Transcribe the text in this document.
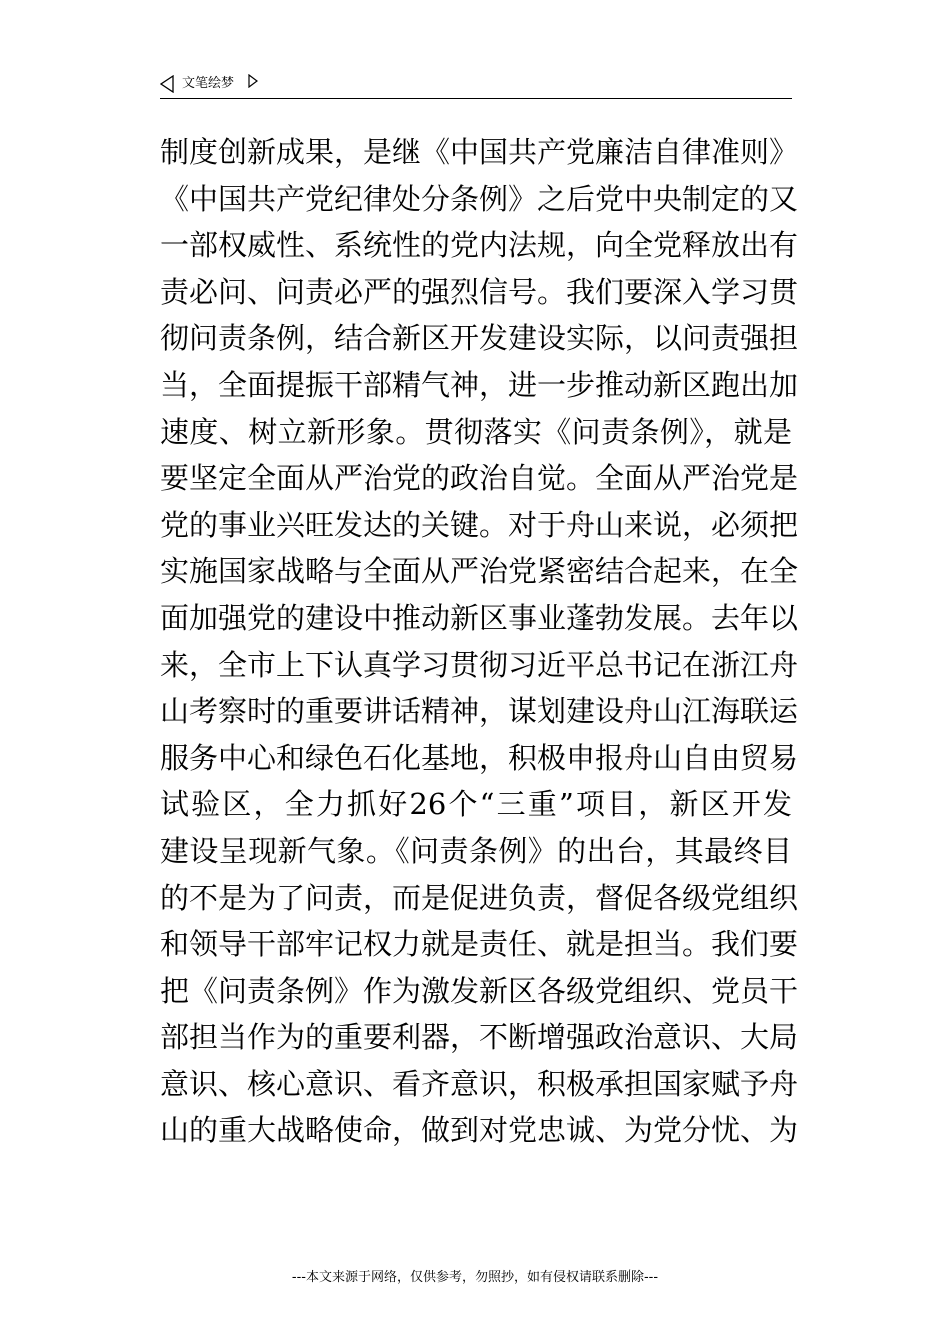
文笔绘梦
制度创新成果，是继《中国共产党廉洁自律准则》
《中国共产党纪律处分条例》之后党中央制定的又
一部权威性、系统性的党内法规，向全党释放出有
责必问、问责必严的强烈信号。我们要深入学习贯
彻问责条例，结合新区开发建设实际，以问责强担
当，全面提振干部精气神，进一步推动新区跑出加
速度、树立新形象。贯彻落实《问责条例》，就是
要坚定全面从严治党的政治自觉。全面从严治党是
党的事业兴旺发达的关键。对于舟山来说，必须把
实施国家战略与全面从严治党紧密结合起来，在全
面加强党的建设中推动新区事业蓬勃发展。去年以
来，全市上下认真学习贯彻习近平总书记在浙江舟
山考察时的重要讲话精神，谋划建设舟山江海联运
服务中心和绿色石化基地，积极申报舟山自由贸易
试验区，全力抓好26个“三重”项目，新区开发
建设呈现新气象。《问责条例》的出台，其最终目
的不是为了问责，而是促进负责，督促各级党组织
和领导干部牢记权力就是责任、就是担当。我们要
把《问责条例》作为激发新区各级党组织、党员干
部担当作为的重要利器，不断增强政治意识、大局
意识、核心意识、看齐意识，积极承担国家赋予舟
山的重大战略使命，做到对党忠诚、为党分忧、为
---本文来源于网络，仅供参考，勿照抄，如有侵权请联系删除---
